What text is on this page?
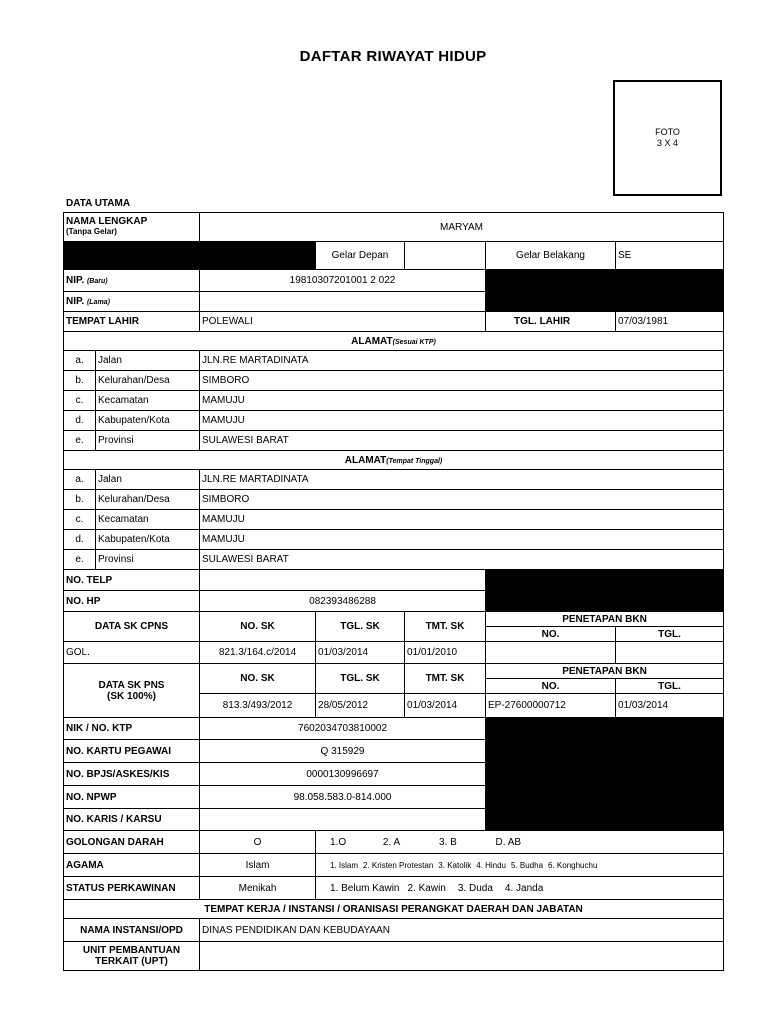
DAFTAR RIWAYAT HIDUP
FOTO
3 X 4
DATA UTAMA
NAMA LENGKAP
(Tanpa Gelar)		MARYAM				
			Gelar Depan		Gelar Belakang	SE
NIP. (Baru)		19810307201001 2 022				
NIP. (Lama)						
TEMPAT LAHIR		POLEWALI			TGL. LAHIR	07/03/1981
ALAMAT(Sesuai KTP)						
a.	Jalan	JLN.RE MARTADINATA				
b.	Kelurahan/Desa	SIMBORO				
c.	Kecamatan	MAMUJU				
d.	Kabupaten/Kota	MAMUJU				
e.	Provinsi	SULAWESI BARAT				
ALAMAT(Tempat Tinggal)						
a.	Jalan	JLN.RE MARTADINATA				
b.	Kelurahan/Desa	SIMBORO				
c.	Kecamatan	MAMUJU				
d.	Kabupaten/Kota	MAMUJU				
e.	Provinsi	SULAWESI BARAT				
NO. TELP						
NO. HP		082393486288				
DATA SK CPNS		NO. SK	TGL. SK	TMT. SK	PENETAPAN BKN	
					NO.	TGL.
GOL.		821.3/164.c/2014	01/03/2014	01/01/2010		

DATA SK PNS
(SK 100%)		NO. SK	TGL. SK	TMT. SK	PENETAPAN BKN	
					NO.	TGL.
		813.3/493/2012	28/05/2012	01/03/2014	EP-27600000712	01/03/2014
NIK / NO. KTP		7602034703810002				
NO. KARTU PEGAWAI		Q 315929				
NO. BPJS/ASKES/KIS		0000130996697				
NO. NPWP		98.058.583.0-814.000				
NO. KARIS / KARSU						
GOLONGAN DARAH		O	1.O 2. A 3. B D. AB			
AGAMA		Islam	1. Islam 2. Kristen Protestan 3. Katolik 4. Hindu 5. Budha 6. Konghuchu			
STATUS PERKAWINAN		Menikah	1. Belum Kawin 2. Kawin 3. Duda 4. Janda			
TEMPAT KERJA / INSTANSI / ORANISASI PERANGKAT DAERAH DAN JABATAN						
NAMA INSTANSI/OPD		DINAS PENDIDIKAN DAN KEBUDAYAAN				

UNIT PEMBANTUAN
TERKAIT (UPT)						
